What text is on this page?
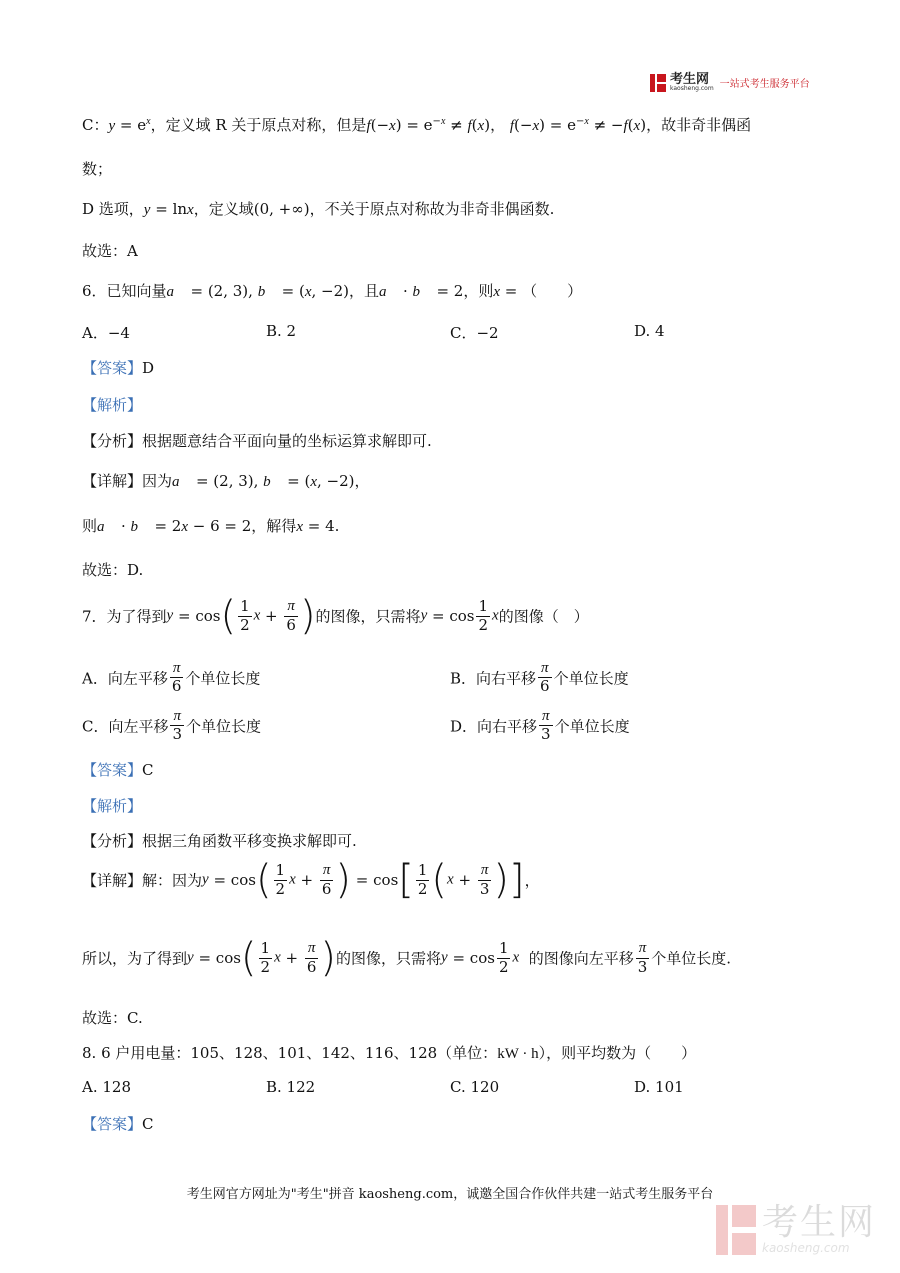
考生网
kaosheng.com 一站式考生服务平台
C：$y = e^x$，定义域 R 关于原点对称，但是$f(-x) = e^{-x} \ne f(x)$， $f(-x) = e^{-x} \ne -f(x)$，故非奇非偶函
数；
D 选项，y = lnx，定义域(0, +∞)，不关于原点对称故为非奇非偶函数.
故选：A
6．已知向量a⃗ = (2, 3), b⃗ = (x, −2)，且a⃗ · b⃗ = 2，则x = （　　）
A．−4	B. 2	C．−2	D. 4
【答案】D
【解析】
【分析】根据题意结合平面向量的坐标运算求解即可.
【详解】因为a⃗ = (2, 3), b⃗ = (x, −2)，
则a⃗ · b⃗ = 2x − 6 = 2，解得x = 4.
故选：D.
7．为了得到$y = \cos( \frac{1}{2}$ $x + \frac{\pi}{6}$ )的图像，只需将$y = \cos \frac{1}{2}$ x的图像（　）
A．向左平移 $\frac{\pi}{6}$ 个单位长度	B．向右平移 $\frac{\pi}{6}$ 个单位长度
C．向左平移 $\frac{\pi}{3}$ 个单位长度	D．向右平移 $\frac{\pi}{3}$ 个单位长度
【答案】C
【解析】
【分析】根据三角函数平移变换求解即可.
【详解】解：因为$y = \cos( \frac{1}{2}$ $x + \frac{\pi}{6}$ ) = $\cos[ \frac{1}{2} (x + \frac{\pi}{3}$ )]，
所以，为了得到$y = \cos( \frac{1}{2}$ $x + \frac{\pi}{6}$ )的图像，只需将$y = \cos \frac{1}{2}$ x 的图像向左平移 $\frac{\pi}{3}$ 个单位长度.
故选：C.
8. 6 户用电量：105、128、101、142、116、128（单位：kW · h），则平均数为（　　）
A. 128	B. 122	C. 120	D. 101
【答案】C
考生网官方网址为"考生"拼音 kaosheng.com，诚邀全国合作伙伴共建一站式考生服务平台
考生网
kaosheng.com
